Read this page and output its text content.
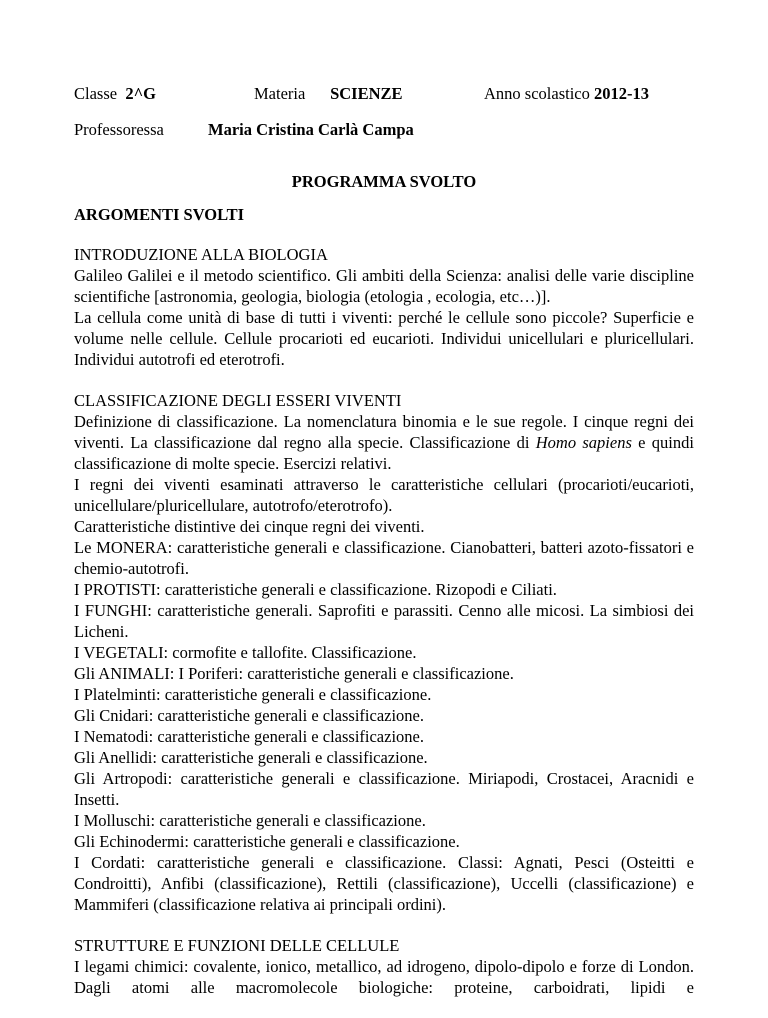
Classe 2^G	Materia SCIENZE	Anno scolastico 2012-13
Professoressa	Maria Cristina Carlà Campa
PROGRAMMA SVOLTO
ARGOMENTI SVOLTI
INTRODUZIONE ALLA BIOLOGIA
Galileo Galilei e il metodo scientifico. Gli ambiti della Scienza: analisi delle varie discipline scientifiche [astronomia, geologia, biologia (etologia , ecologia, etc…)].
La cellula come unità di base di tutti i viventi: perché le cellule sono piccole? Superficie e volume nelle cellule. Cellule procarioti ed eucarioti. Individui unicellulari e pluricellulari. Individui autotrofi ed eterotrofi.
CLASSIFICAZIONE DEGLI ESSERI VIVENTI
Definizione di classificazione. La nomenclatura binomia e le sue regole. I cinque regni dei viventi. La classificazione dal regno alla specie. Classificazione di Homo sapiens e quindi classificazione di molte specie. Esercizi relativi.
I regni dei viventi esaminati attraverso le caratteristiche cellulari (procarioti/eucarioti, unicellulare/pluricellulare, autotrofo/eterotrofo).
Caratteristiche distintive dei cinque regni dei viventi.
Le MONERA: caratteristiche generali e classificazione. Cianobatteri, batteri azoto-fissatori e chemio-autotrofi.
I PROTISTI: caratteristiche generali e classificazione. Rizopodi e Ciliati.
I FUNGHI: caratteristiche generali. Saprofiti e parassiti. Cenno alle micosi. La simbiosi dei Licheni.
I VEGETALI: cormofite e tallofite. Classificazione.
Gli ANIMALI: I Poriferi: caratteristiche generali e classificazione.
I Platelminti: caratteristiche generali e classificazione.
Gli Cnidari: caratteristiche generali e classificazione.
I Nematodi: caratteristiche generali e classificazione.
Gli Anellidi: caratteristiche generali e classificazione.
Gli Artropodi: caratteristiche generali e classificazione. Miriapodi, Crostacei, Aracnidi e Insetti.
I Molluschi: caratteristiche generali e classificazione.
Gli Echinodermi: caratteristiche generali e classificazione.
I Cordati: caratteristiche generali e classificazione. Classi: Agnati, Pesci (Osteitti e Condroitti), Anfibi (classificazione), Rettili (classificazione), Uccelli (classificazione) e Mammiferi (classificazione relativa ai principali ordini).
STRUTTURE E FUNZIONI DELLE CELLULE
I legami chimici: covalente, ionico, metallico, ad idrogeno, dipolo-dipolo e forze di London. Dagli atomi alle macromolecole biologiche: proteine, carboidrati, lipidi e
